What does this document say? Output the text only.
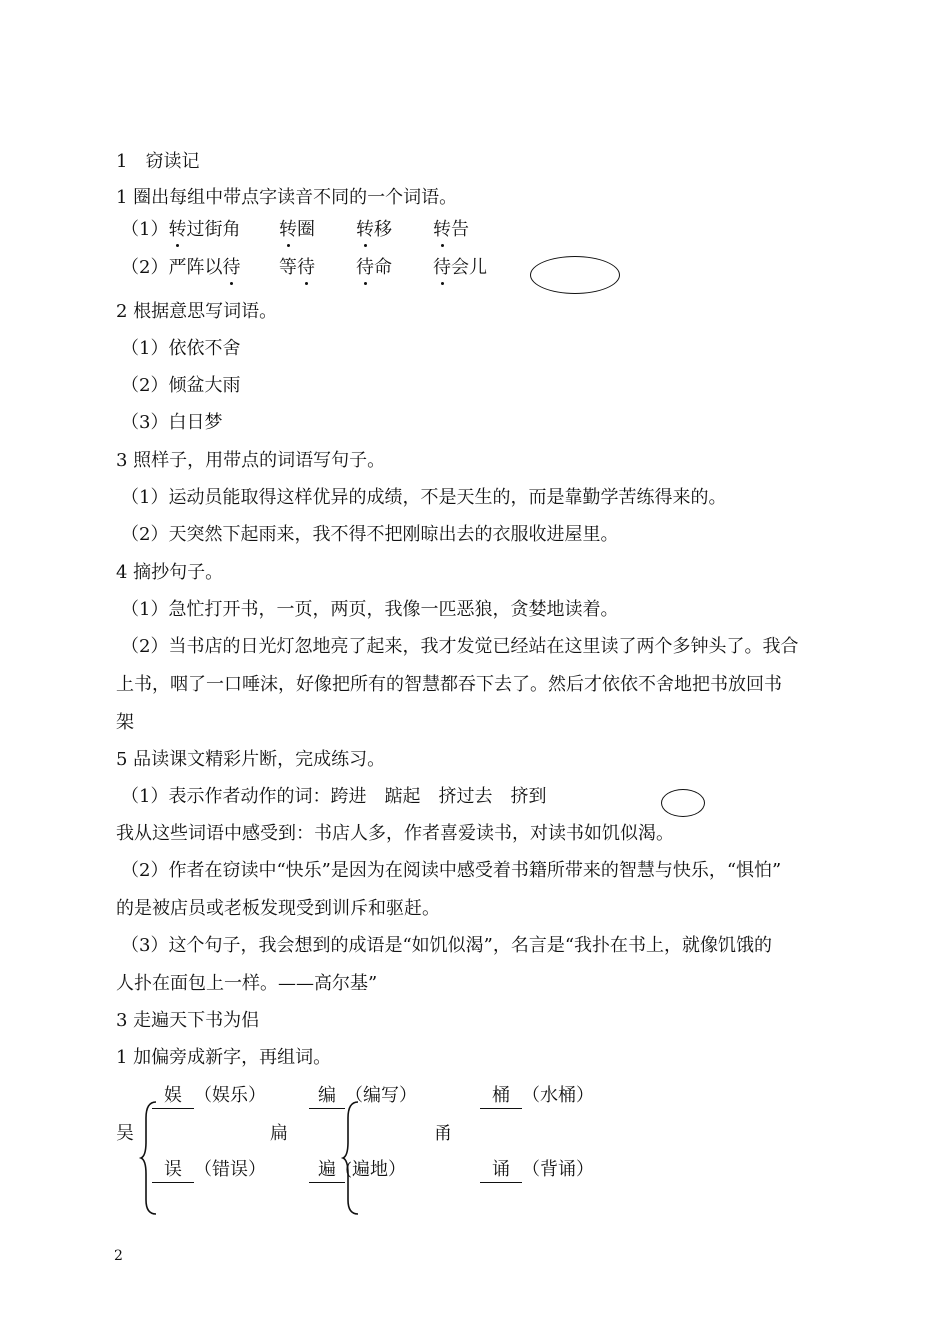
1　窃读记
1 圈出每组中带点字读音不同的一个词语。
（1）转过街角 转圈 转移 转告
（2）严阵以待 等待 待命 待会儿
2 根据意思写词语。
（1）依依不舍
（2）倾盆大雨
（3）白日梦
3 照样子，用带点的词语写句子。
（1）运动员能取得这样优异的成绩，不是天生的，而是靠勤学苦练得来的。
（2）天突然下起雨来，我不得不把刚晾出去的衣服收进屋里。
4 摘抄句子。
（1）急忙打开书，一页，两页，我像一匹恶狼，贪婪地读着。
（2）当书店的日光灯忽地亮了起来，我才发觉已经站在这里读了两个多钟头了。我合
上书，咽了一口唾沫，好像把所有的智慧都吞下去了。然后才依依不舍地把书放回书
架
5 品读课文精彩片断，完成练习。
（1）表示作者动作的词：跨进　踮起　挤过去　挤到
我从这些词语中感受到：书店人多，作者喜爱读书，对读书如饥似渴。
（2）作者在窃读中“快乐”是因为在阅读中感受着书籍所带来的智慧与快乐，“惧怕”
的是被店员或老板发现受到训斥和驱赶。
（3）这个句子，我会想到的成语是“如饥似渴”，名言是“我扑在书上，就像饥饿的
人扑在面包上一样。——高尔基”
3 走遍天下书为侣
1 加偏旁成新字，再组词。
吴
娱 （娱乐）
误 （错误）
扁
编 （编写）
遍 (遍地）
甬
桶 （水桶）
诵 （背诵）
2
